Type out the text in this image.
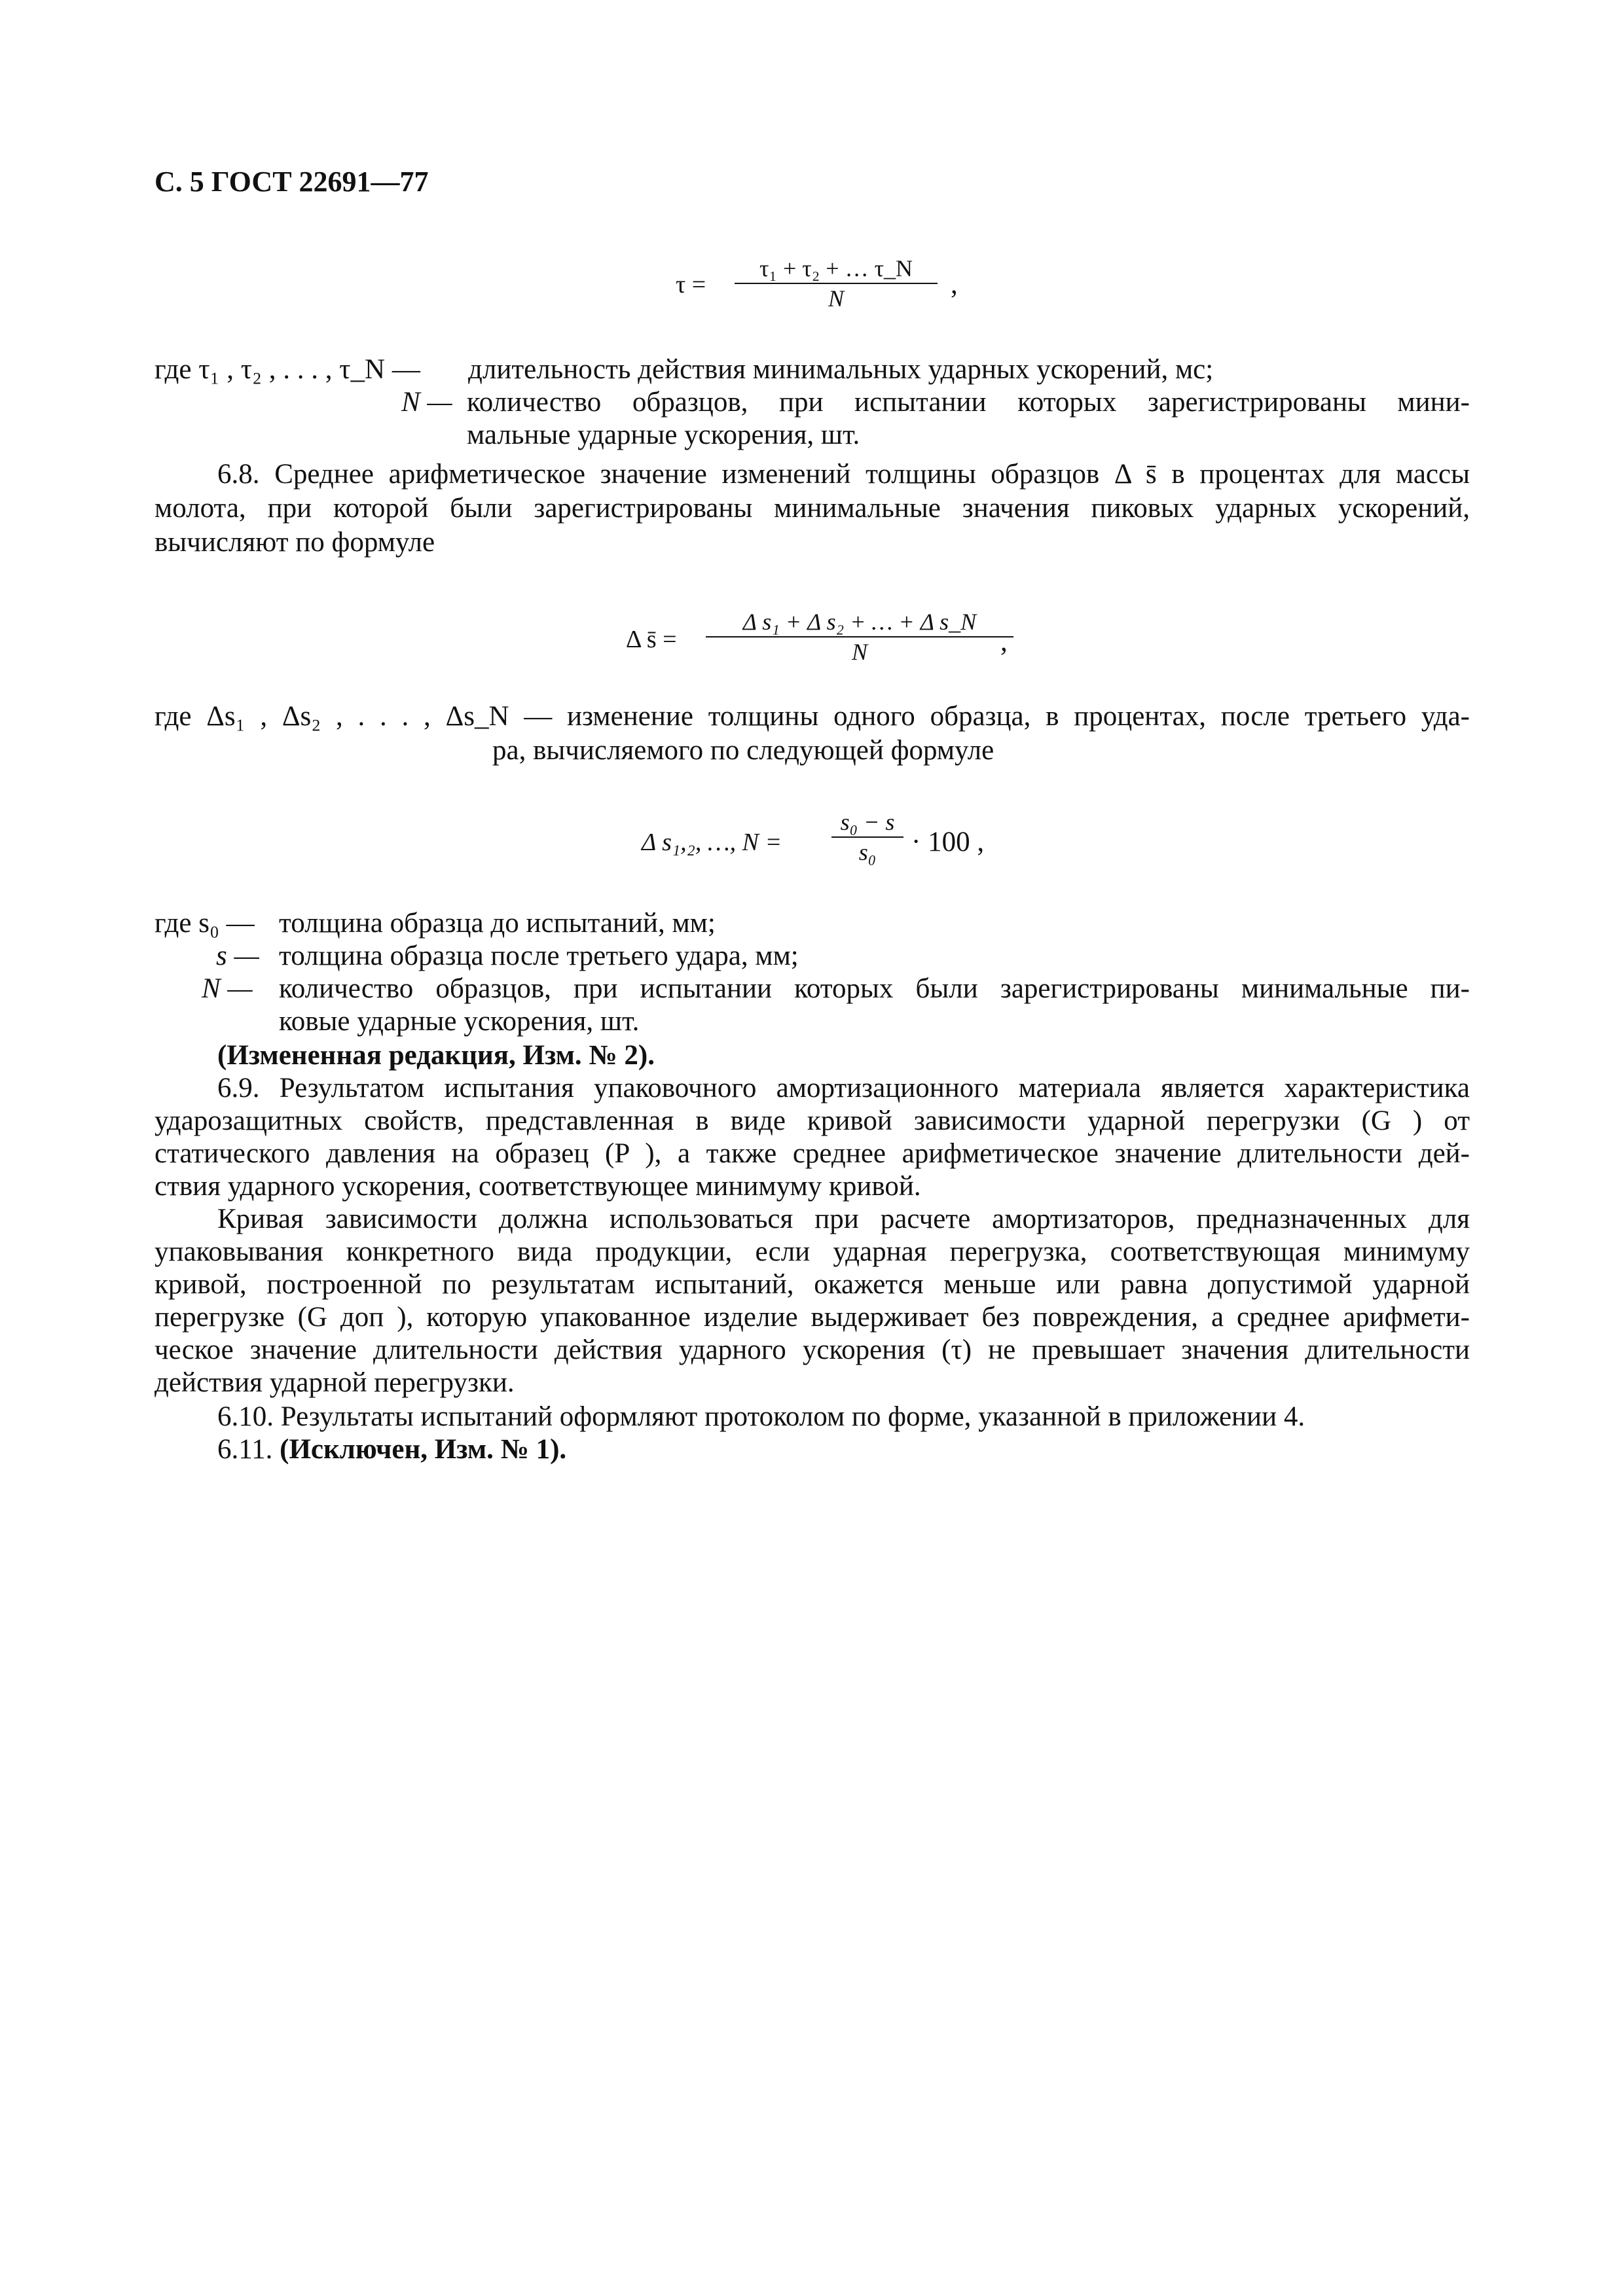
С. 5 ГОСТ 22691—77
τ =
τ₁ + τ₂ + … τ_N
N	,
где τ₁ , τ₂ , . . . , τ_N — длительность действия минимальных ударных ускорений, мс;
N — количество образцов, при испытании которых зарегистрированы мини-
мальные ударные ускорения, шт.
6.8. Среднее арифметическое значение изменений толщины образцов Δ s̄ в процентах для массы
молота, при которой были зарегистрированы минимальные значения пиковых ударных ускорений,
вычисляют по формуле
Δ s̄ =
Δ s₁ + Δ s₂ + … + Δ s_N
N	,
где Δs₁ , Δs₂ , . . . , Δs_N — изменение толщины одного образца, в процентах, после третьего уда-
ра, вычисляемого по следующей формуле
Δ s₁,₂, …, N =
s₀ − s
s₀ · 100 ,
где s₀ — толщина образца до испытаний, мм;
s — толщина образца после третьего удара, мм;
N — количество образцов, при испытании которых были зарегистрированы минимальные пи-
ковые ударные ускорения, шт.
(Измененная редакция, Изм. № 2).
6.9. Результатом испытания упаковочного амортизационного материала является характеристика
ударозащитных свойств, представленная в виде кривой зависимости ударной перегрузки (G ) от
статического давления на образец (P ), а также среднее арифметическое значение длительности дей-
ствия ударного ускорения, соответствующее минимуму кривой.
Кривая зависимости должна использоваться при расчете амортизаторов, предназначенных для
упаковывания конкретного вида продукции, если ударная перегрузка, соответствующая минимуму
кривой, построенной по результатам испытаний, окажется меньше или равна допустимой ударной
перегрузке (G доп ), которую упакованное изделие выдерживает без повреждения, а среднее арифмети-
ческое значение длительности действия ударного ускорения (τ) не превышает значения длительности
действия ударной перегрузки.
6.10. Результаты испытаний оформляют протоколом по форме, указанной в приложении 4.
6.11. (Исключен, Изм. № 1).
